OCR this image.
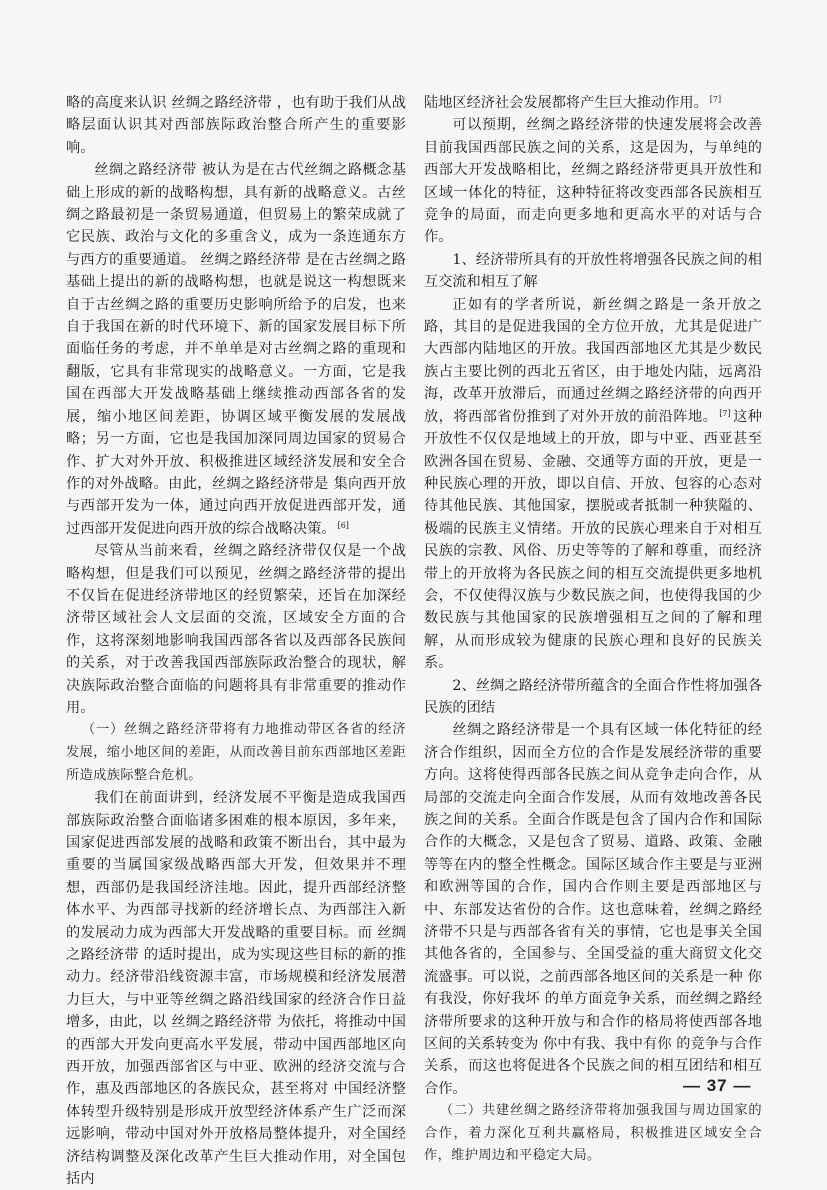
略的高度来认识 丝绸之路经济带 ，也有助于我们从战略层面认识其对西部族际政治整合所产生的重要影响。

丝绸之路经济带 被认为是在古代丝绸之路概念基础上形成的新的战略构想，具有新的战略意义。古丝绸之路最初是一条贸易通道，但贸易上的繁荣成就了它民族、政治与文化的多重含义，成为一条连通东方与西方的重要通道。 丝绸之路经济带 是在古丝绸之路基础上提出的新的战略构想，也就是说这一构想既来自于古丝绸之路的重要历史影响所给予的启发，也来自于我国在新的时代环境下、新的国家发展目标下所面临任务的考虑，并不单单是对古丝绸之路的重现和翻版，它具有非常现实的战略意义。一方面，它是我国在西部大开发战略基础上继续推动西部各省的发展，缩小地区间差距，协调区域平衡发展的发展战略；另一方面，它也是我国加深同周边国家的贸易合作、扩大对外开放、积极推进区域经济发展和安全合作的对外战略。由此，丝绸之路经济带是 集向西开放与西部开发为一体，通过向西开放促进西部开发，通过西部开发促进向西开放的综合战略决策。 [6]

尽管从当前来看，丝绸之路经济带仅仅是一个战略构想，但是我们可以预见，丝绸之路经济带的提出不仅旨在促进经济带地区的经贸繁荣，还旨在加深经济带区域社会人文层面的交流，区域安全方面的合作，这将深刻地影响我国西部各省以及西部各民族间的关系，对于改善我国西部族际政治整合的现状，解决族际政治整合面临的问题将具有非常重要的推动作用。

（一）丝绸之路经济带将有力地推动带区各省的经济发展，缩小地区间的差距，从而改善目前东西部地区差距所造成族际整合危机。

我们在前面讲到，经济发展不平衡是造成我国西部族际政治整合面临诸多困难的根本原因，多年来，国家促进西部发展的战略和政策不断出台，其中最为重要的当属国家级战略西部大开发，但效果并不理想，西部仍是我国经济洼地。因此，提升西部经济整体水平、为西部寻找新的经济增长点、为西部注入新的发展动力成为西部大开发战略的重要目标。而 丝绸之路经济带 的适时提出，成为实现这些目标的新的推动力。经济带沿线资源丰富，市场规模和经济发展潜力巨大，与中亚等丝绸之路沿线国家的经济合作日益增多，由此，以 丝绸之路经济带 为依托，将推动中国的西部大开发向更高水平发展，带动中国西部地区向西开放，加强西部省区与中亚、欧洲的经济交流与合作，惠及西部地区的各族民众，甚至将对 中国经济整体转型升级特别是形成开放型经济体系产生广泛而深远影响，带动中国对外开放格局整体提升，对全国经济结构调整及深化改革产生巨大推动作用，对全国包括内

陆地区经济社会发展都将产生巨大推动作用。 [7]

可以预期，丝绸之路经济带的快速发展将会改善目前我国西部民族之间的关系，这是因为，与单纯的西部大开发战略相比，丝绸之路经济带更具开放性和区域一体化的特征，这种特征将改变西部各民族相互竞争的局面，而走向更多地和更高水平的对话与合作。

1、经济带所具有的开放性将增强各民族之间的相互交流和相互了解

正如有的学者所说，新丝绸之路是一条开放之路，其目的是促进我国的全方位开放，尤其是促进广大西部内陆地区的开放。我国西部地区尤其是少数民族占主要比例的西北五省区，由于地处内陆，远离沿海，改革开放滞后，而通过丝绸之路经济带的向西开放，将西部省份推到了对外开放的前沿阵地。 [7] 这种开放性不仅仅是地域上的开放，即与中亚、西亚甚至欧洲各国在贸易、金融、交通等方面的开放，更是一种民族心理的开放，即以自信、开放、包容的心态对待其他民族、其他国家，摆脱或者抵制一种狭隘的、极端的民族主义情绪。开放的民族心理来自于对相互民族的宗教、风俗、历史等等的了解和尊重，而经济带上的开放将为各民族之间的相互交流提供更多地机会，不仅使得汉族与少数民族之间，也使得我国的少数民族与其他国家的民族增强相互之间的了解和理解，从而形成较为健康的民族心理和良好的民族关系。

2、丝绸之路经济带所蕴含的全面合作性将加强各民族的团结

丝绸之路经济带是一个具有区域一体化特征的经济合作组织，因而全方位的合作是发展经济带的重要方向。这将使得西部各民族之间从竞争走向合作，从局部的交流走向全面合作发展，从而有效地改善各民族之间的关系。全面合作既是包含了国内合作和国际合作的大概念，又是包含了贸易、道路、政策、金融等等在内的整全性概念。国际区域合作主要是与亚洲和欧洲等国的合作，国内合作则主要是西部地区与中、东部发达省份的合作。这也意味着，丝绸之路经济带不只是与西部各省有关的事情，它也是事关全国其他各省的，全国参与、全国受益的重大商贸文化交流盛事。可以说，之前西部各地区间的关系是一种 你有我没，你好我坏 的单方面竞争关系，而丝绸之路经济带所要求的这种开放与和合作的格局将使西部各地区间的关系转变为 你中有我、我中有你 的竞争与合作关系，而这也将促进各个民族之间的相互团结和相互合作。

（二）共建丝绸之路经济带将加强我国与周边国家的合作，着力深化互利共赢格局，积极推进区域安全合作，维护周边和平稳定大局。

— 37 —
